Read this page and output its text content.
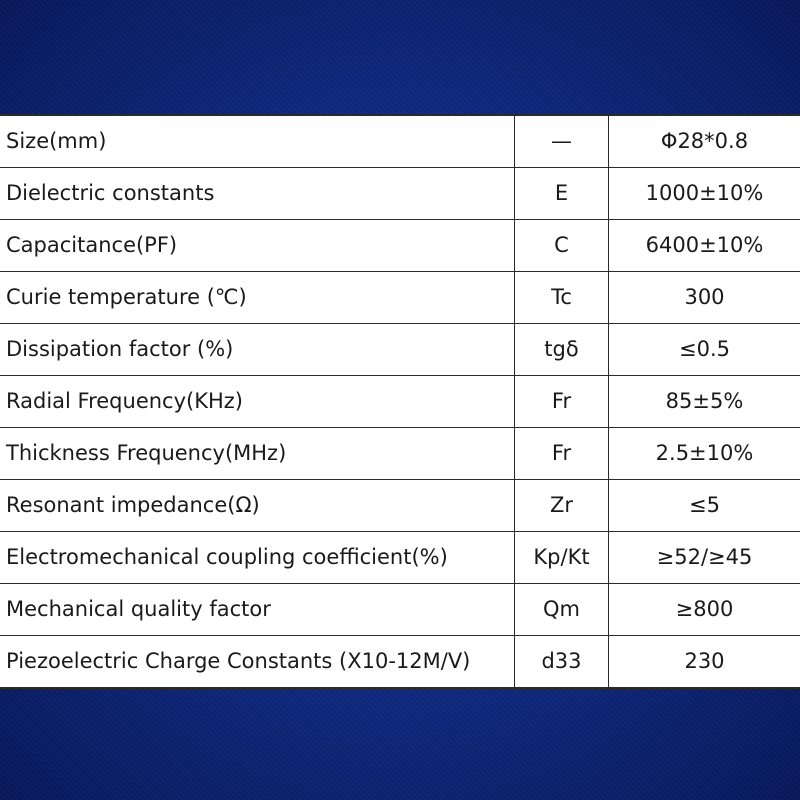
Size(mm)	—	Φ28*0.8
Dielectric constants	E	1000±10%
Capacitance(PF)	C	6400±10%
Curie temperature (℃)	Tc	300
Dissipation factor (%)	tgδ	≤0.5
Radial Frequency(KHz)	Fr	85±5%
Thickness Frequency(MHz)	Fr	2.5±10%
Resonant impedance(Ω)	Zr	≤5
Electromechanical coupling coefficient(%)	Kp/Kt	≥52/≥45
Mechanical quality factor	Qm	≥800
Piezoelectric Charge Constants (X10-12M/V)	d33	230
